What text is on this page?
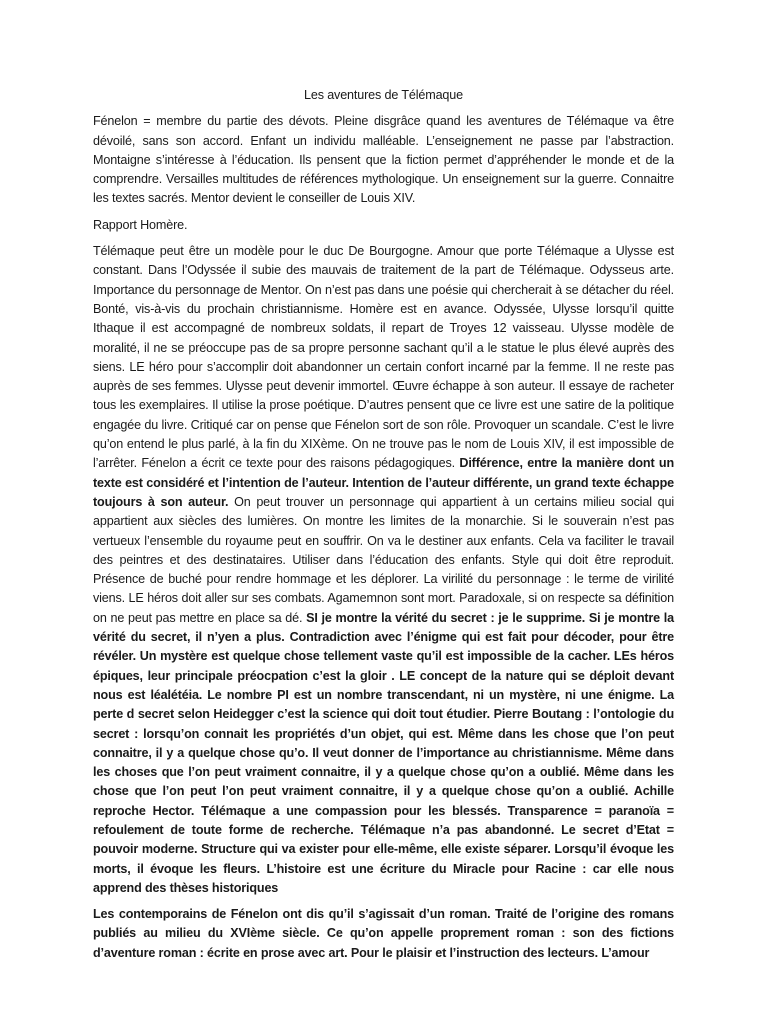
Les aventures de Télémaque

Fénelon = membre du partie des dévots. Pleine disgrâce quand les aventures de Télémaque va être dévoilé, sans son accord. Enfant un individu malléable. L’enseignement ne passe par l’abstraction. Montaigne s’intéresse à l’éducation. Ils pensent que la fiction permet d’appréhender le monde et de la comprendre. Versailles multitudes de références mythologique. Un enseignement sur la guerre. Connaitre les textes sacrés. Mentor devient le conseiller de Louis XIV.

Rapport Homère.

Télémaque peut être un modèle pour le duc De Bourgogne. Amour que porte Télémaque a Ulysse est constant. Dans l’Odyssée il subie des mauvais de traitement de la part de Télémaque. Odysseus arte. Importance du personnage de Mentor. On n’est pas dans une poésie qui chercherait à se détacher du réel. Bonté, vis-à-vis du prochain christiannisme. Homère est en avance. Odyssée, Ulysse lorsqu’il quitte Ithaque il est accompagné de nombreux soldats, il repart de Troyes 12 vaisseau. Ulysse modèle de moralité, il ne se préoccupe pas de sa propre personne sachant qu’il a le statue le plus élevé auprès des siens. LE héro pour s’accomplir doit abandonner un certain confort incarné par la femme. Il ne reste pas auprès de ses femmes. Ulysse peut devenir immortel. Œuvre échappe à son auteur. Il essaye de racheter tous les exemplaires. Il utilise la prose poétique. D’autres pensent que ce livre est une satire de la politique engagée du livre. Critiqué car on pense que Fénelon sort de son rôle. Provoquer un scandale. C’est le livre qu’on entend le plus parlé, à la fin du XIXème. On ne trouve pas le nom de Louis XIV, il est impossible de l’arrêter. Fénelon a écrit ce texte pour des raisons pédagogiques. Différence, entre la manière dont un texte est considéré et l’intention de l’auteur. Intention de l’auteur différente, un grand texte échappe toujours à son auteur. On peut trouver un personnage qui appartient à un certains milieu social qui appartient aux siècles des lumières. On montre les limites de la monarchie. Si le souverain n’est pas vertueux l’ensemble du royaume peut en souffrir. On va le destiner aux enfants. Cela va faciliter le travail des peintres et des destinataires. Utiliser dans l’éducation des enfants. Style qui doit être reproduit. Présence de buché pour rendre hommage et les déplorer. La virilité du personnage : le terme de virilité viens. LE héros doit aller sur ses combats. Agamemnon sont mort. Paradoxale, si on respecte sa définition on ne peut pas mettre en place sa dé. SI je montre la vérité du secret : je le supprime. Si je montre la vérité du secret, il n’yen a plus. Contradiction avec l’énigme qui est fait pour décoder, pour être révéler. Un mystère est quelque chose tellement vaste qu’il est impossible de la cacher. LEs héros épiques, leur principale préocpation c’est la gloir . LE concept de la nature qui se déploit devant nous est léalétéia. Le nombre PI est un nombre transcendant, ni un mystère, ni une énigme. La perte d secret selon Heidegger c’est la science qui doit tout étudier. Pierre Boutang : l’ontologie du secret : lorsqu’on connait les propriétés d’un objet, qui est. Même dans les chose que l’on peut connaitre, il y a quelque chose qu’o. Il veut donner de l’importance au christiannisme. Même dans les choses que l’on peut vraiment connaitre, il y a quelque chose qu’on a oublié. Même dans les chose que l’on peut l’on peut vraiment connaitre, il y a quelque chose qu’on a oublié. Achille reproche Hector. Télémaque a une compassion pour les blessés. Transparence = paranoïa = refoulement de toute forme de recherche. Télémaque n’a pas abandonné. Le secret d’Etat = pouvoir moderne. Structure qui va exister pour elle-même, elle existe séparer. Lorsqu’il évoque les morts, il évoque les fleurs. L’histoire est une écriture du Miracle pour Racine : car elle nous apprend des thèses historiques

Les contemporains de Fénelon ont dis qu’il s’agissait d’un roman. Traité de l’origine des romans publiés au milieu du XVIème siècle. Ce qu’on appelle proprement roman : son des fictions d’aventure roman : écrite en prose avec art. Pour le plaisir et l’instruction des lecteurs. L’amour
